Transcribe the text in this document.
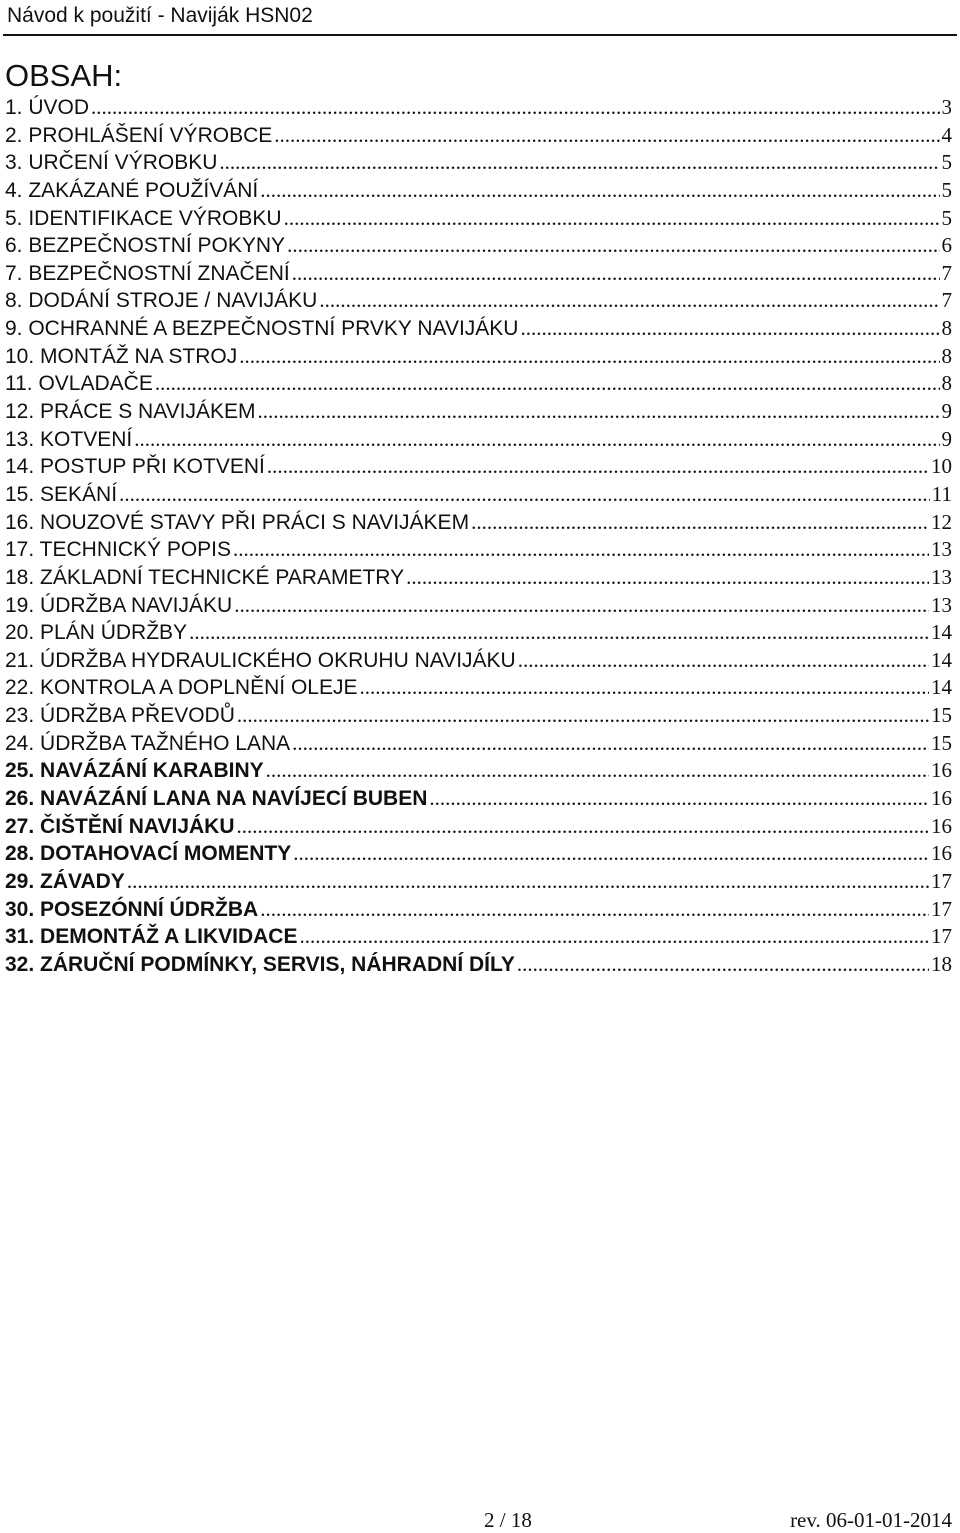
Návod k použití - Naviják HSN02
OBSAH:
1. ÚVOD .....	3
2. PROHLÁŠENÍ VÝROBCE .....	4
3. URČENÍ VÝROBKU .....	5
4. ZAKÁZANÉ POUŽÍVÁNÍ .....	5
5. IDENTIFIKACE VÝROBKU .....	5
6. BEZPEČNOSTNÍ POKYNY .....	6
7. BEZPEČNOSTNÍ ZNAČENÍ .....	7
8. DODÁNÍ STROJE / NAVIJÁKU .....	7
9. OCHRANNÉ A BEZPEČNOSTNÍ PRVKY NAVIJÁKU .....	8
10. MONTÁŽ NA STROJ .....	8
11. OVLADAČE .....	8
12. PRÁCE S NAVIJÁKEM .....	9
13. KOTVENÍ .....	9
14. POSTUP PŘI KOTVENÍ .....	10
15. SEKÁNÍ .....	11
16. NOUZOVÉ STAVY PŘI PRÁCI S NAVIJÁKEM .....	12
17. TECHNICKÝ POPIS .....	13
18. ZÁKLADNÍ TECHNICKÉ PARAMETRY .....	13
19. ÚDRŽBA NAVIJÁKU .....	13
20. PLÁN ÚDRŽBY .....	14
21. ÚDRŽBA HYDRAULICKÉHO OKRUHU NAVIJÁKU .....	14
22. KONTROLA A DOPLNĚNÍ OLEJE .....	14
23. ÚDRŽBA PŘEVODŮ .....	15
24. ÚDRŽBA TAŽNÉHO LANA .....	15
25. NAVÁZÁNÍ KARABINY .....	16
26. NAVÁZÁNÍ LANA NA NAVÍJECÍ BUBEN .....	16
27. ČIŠTĚNÍ NAVIJÁKU .....	16
28. DOTAHOVACÍ MOMENTY .....	16
29. ZÁVADY .....	17
30. POSEZÓNNÍ ÚDRŽBA .....	17
31. DEMONTÁŽ A LIKVIDACE .....	17
32. ZÁRUČNÍ PODMÍNKY, SERVIS, NÁHRADNÍ DÍLY .....	18
2 / 18	rev. 06-01-01-2014
